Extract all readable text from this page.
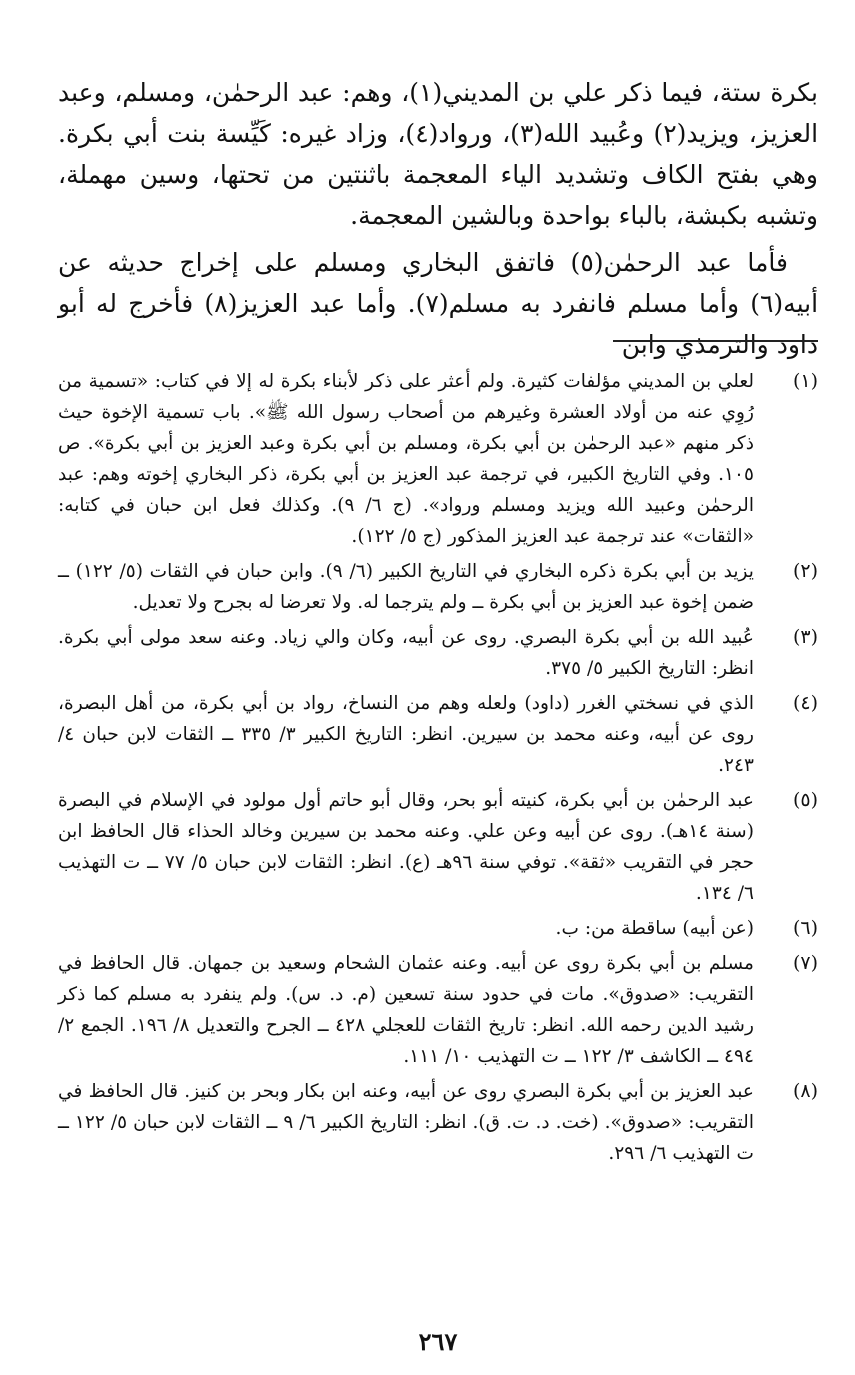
بكرة ستة، فيما ذكر علي بن المديني(١)، وهم: عبد الرحمٰن، ومسلم، وعبد العزيز، ويزيد(٢) وعُبيد الله(٣)، ورواد(٤)، وزاد غيره: كَيِّسة بنت أبي بكرة. وهي بفتح الكاف وتشديد الياء المعجمة باثنتين من تحتها، وسين مهملة، وتشبه بكبشة، بالباء بواحدة وبالشين المعجمة.

فأما عبد الرحمٰن(٥) فاتفق البخاري ومسلم على إخراج حديثه عن أبيه(٦) وأما مسلم فانفرد به مسلم(٧). وأما عبد العزيز(٨) فأخرج له أبو داود والترمذي وابن

(١)
لعلي بن المديني مؤلفات كثيرة. ولم أعثر على ذكر لأبناء بكرة له إلا في كتاب: «تسمية من رُوِي عنه من أولاد العشرة وغيرهم من أصحاب رسول الله ﷺ». باب تسمية الإخوة حيث ذكر منهم «عبد الرحمٰن بن أبي بكرة، ومسلم بن أبي بكرة وعبد العزيز بن أبي بكرة». ص ١٠٥. وفي التاريخ الكبير، في ترجمة عبد العزيز بن أبي بكرة، ذكر البخاري إخوته وهم: عبد الرحمٰن وعبيد الله ويزيد ومسلم ورواد». (ج ٦/ ٩). وكذلك فعل ابن حبان في كتابه: «الثقات» عند ترجمة عبد العزيز المذكور (ج ٥/ ١٢٢).
(٢)
يزيد بن أبي بكرة ذكره البخاري في التاريخ الكبير (٦/ ٩). وابن حبان في الثقات (٥/ ١٢٢) ــ ضمن إخوة عبد العزيز بن أبي بكرة ــ ولم يترجما له. ولا تعرضا له بجرح ولا تعديل.
(٣)
عُبيد الله بن أبي بكرة البصري. روى عن أبيه، وكان والي زياد. وعنه سعد مولى أبي بكرة. انظر: التاريخ الكبير ٥/ ٣٧٥.
(٤)
الذي في نسختي الغرر (داود) ولعله وهم من النساخ، رواد بن أبي بكرة، من أهل البصرة، روى عن أبيه، وعنه محمد بن سيرين. انظر: التاريخ الكبير ٣/ ٣٣٥ ــ الثقات لابن حبان ٤/ ٢٤٣.
(٥)
عبد الرحمٰن بن أبي بكرة، كنيته أبو بحر، وقال أبو حاتم أول مولود في الإسلام في البصرة (سنة ١٤هـ). روى عن أبيه وعن علي. وعنه محمد بن سيرين وخالد الحذاء قال الحافظ ابن حجر في التقريب «ثقة». توفي سنة ٩٦هـ (ع). انظر: الثقات لابن حبان ٥/ ٧٧ ــ ت التهذيب ٦/ ١٣٤.
(٦)
(عن أبيه) ساقطة من: ب.
(٧)
مسلم بن أبي بكرة روى عن أبيه. وعنه عثمان الشحام وسعيد بن جمهان. قال الحافظ في التقريب: «صدوق». مات في حدود سنة تسعين (م. د. س). ولم ينفرد به مسلم كما ذكر رشيد الدين رحمه الله. انظر: تاريخ الثقات للعجلي ٤٢٨ ــ الجرح والتعديل ٨/ ١٩٦. الجمع ٢/ ٤٩٤ ــ الكاشف ٣/ ١٢٢ ــ ت التهذيب ١٠/ ١١١.
(٨)
عبد العزيز بن أبي بكرة البصري روى عن أبيه، وعنه ابن بكار وبحر بن كنيز. قال الحافظ في التقريب: «صدوق». (خت. د. ت. ق). انظر: التاريخ الكبير ٦/ ٩ ــ الثقات لابن حبان ٥/ ١٢٢ ــ ت التهذيب ٦/ ٢٩٦.
٢٦٧
